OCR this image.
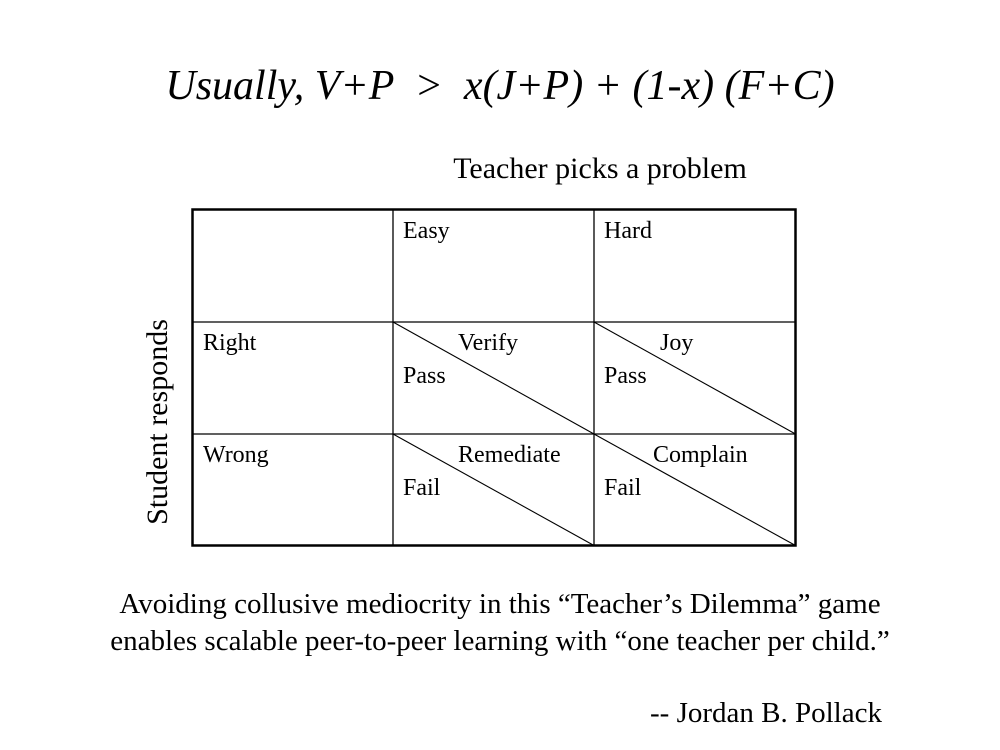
Usually, V+P  >  x(J+P) + (1-x) (F+C)
Teacher picks a problem
Student responds
Easy	Hard
Right
Wrong
Verify
Pass
Joy
Pass
Remediate
Fail
Complain
Fail
Avoiding collusive mediocrity in this “Teacher’s Dilemma” game
enables scalable peer-to-peer learning with “one teacher per child.”
-- Jordan B. Pollack
